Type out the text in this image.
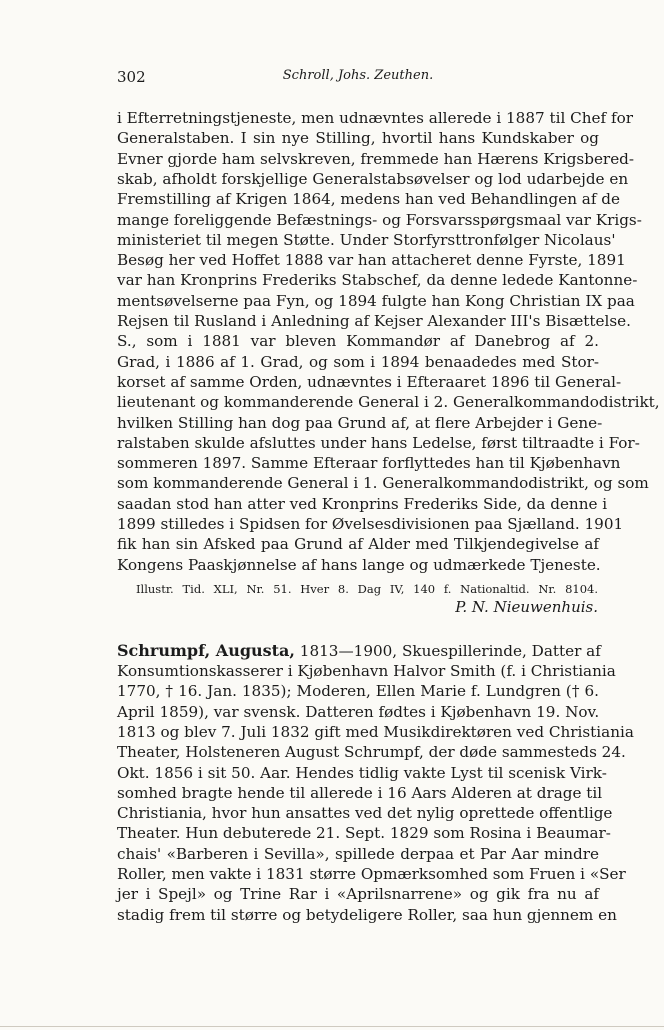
302	Schroll, Johs. Zeuthen.
i Efterretningstjeneste, men udnævntes allerede i 1887 til Chef for
Generalstaben. I sin nye Stilling, hvortil hans Kundskaber og
Evner gjorde ham selvskreven, fremmede han Hærens Krigsbered-
skab, afholdt forskjellige Generalstabsøvelser og lod udarbejde en
Fremstilling af Krigen 1864, medens han ved Behandlingen af de
mange foreliggende Befæstnings- og Forsvarsspørgsmaal var Krigs-
ministeriet til megen Støtte. Under Storfyrsttronfølger Nicolaus'
Besøg her ved Hoffet 1888 var han attacheret denne Fyrste, 1891
var han Kronprins Frederiks Stabschef, da denne ledede Kantonne-
mentsøvelserne paa Fyn, og 1894 fulgte han Kong Christian IX paa
Rejsen til Rusland i Anledning af Kejser Alexander III's Bisættelse.
S., som i 1881 var bleven Kommandør af Danebrog af 2.
Grad, i 1886 af 1. Grad, og som i 1894 benaadedes med Stor-
korset af samme Orden, udnævntes i Efteraaret 1896 til General-
lieutenant og kommanderende General i 2. Generalkommandodistrikt,
hvilken Stilling han dog paa Grund af, at flere Arbejder i Gene-
ralstaben skulde afsluttes under hans Ledelse, først tiltraadte i For-
sommeren 1897. Samme Efteraar forflyttedes han til Kjøbenhavn
som kommanderende General i 1. Generalkommandodistrikt, og som
saadan stod han atter ved Kronprins Frederiks Side, da denne i
1899 stilledes i Spidsen for Øvelsesdivisionen paa Sjælland. 1901
fik han sin Afsked paa Grund af Alder med Tilkjendegivelse af
Kongens Paaskjønnelse af hans lange og udmærkede Tjeneste.
Illustr. Tid. XLI, Nr. 51. Hver 8. Dag IV, 140 f. Nationaltid. Nr. 8104.
P. N. Nieuwenhuis.
Schrumpf, Augusta, 1813—1900, Skuespillerinde, Datter af
Konsumtionskasserer i Kjøbenhavn Halvor Smith (f. i Christiania
1770, † 16. Jan. 1835); Moderen, Ellen Marie f. Lundgren († 6.
April 1859), var svensk. Datteren fødtes i Kjøbenhavn 19. Nov.
1813 og blev 7. Juli 1832 gift med Musikdirektøren ved Christiania
Theater, Holsteneren August Schrumpf, der døde sammesteds 24.
Okt. 1856 i sit 50. Aar. Hendes tidlig vakte Lyst til scenisk Virk-
somhed bragte hende til allerede i 16 Aars Alderen at drage til
Christiania, hvor hun ansattes ved det nylig oprettede offentlige
Theater. Hun debuterede 21. Sept. 1829 som Rosina i Beaumar-
chais' «Barberen i Sevilla», spillede derpaa et Par Aar mindre
Roller, men vakte i 1831 større Opmærksomhed som Fruen i «Ser
jer i Spejl» og Trine Rar i «Aprilsnarrene» og gik fra nu af
stadig frem til større og betydeligere Roller, saa hun gjennem en
